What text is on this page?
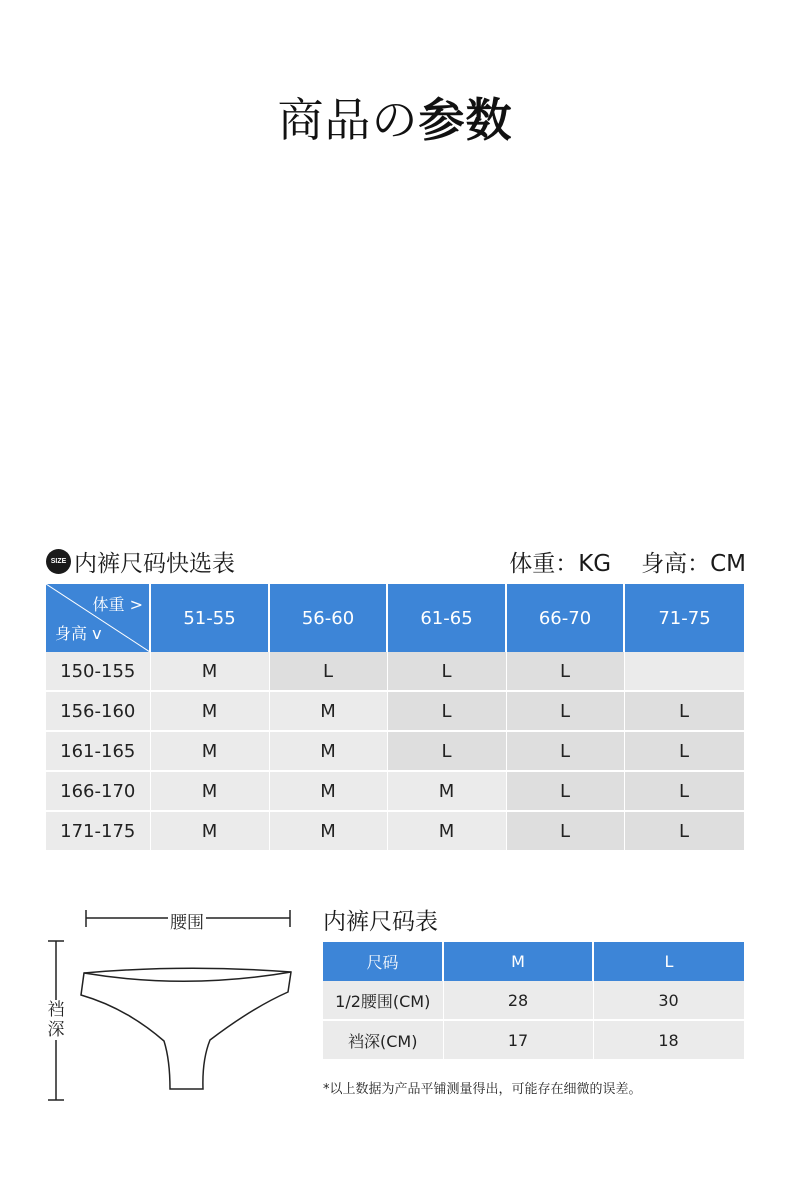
商品の参数
SIZE 内裤尺码快选表	体重：KG 身高：CM
体重 >
身高 v	51-55	56-60	61-65	66-70	71-75
150-155	M	L	L	L	
156-160	M	M	L	L	L
161-165	M	M	L	L	L
166-170	M	M	M	L	L
171-175	M	M	M	L	L
腰围
裆深
内裤尺码表
尺码	M	L
1/2腰围(CM)	28	30
裆深(CM)	17	18
*以上数据为产品平铺测量得出，可能存在细微的误差。
